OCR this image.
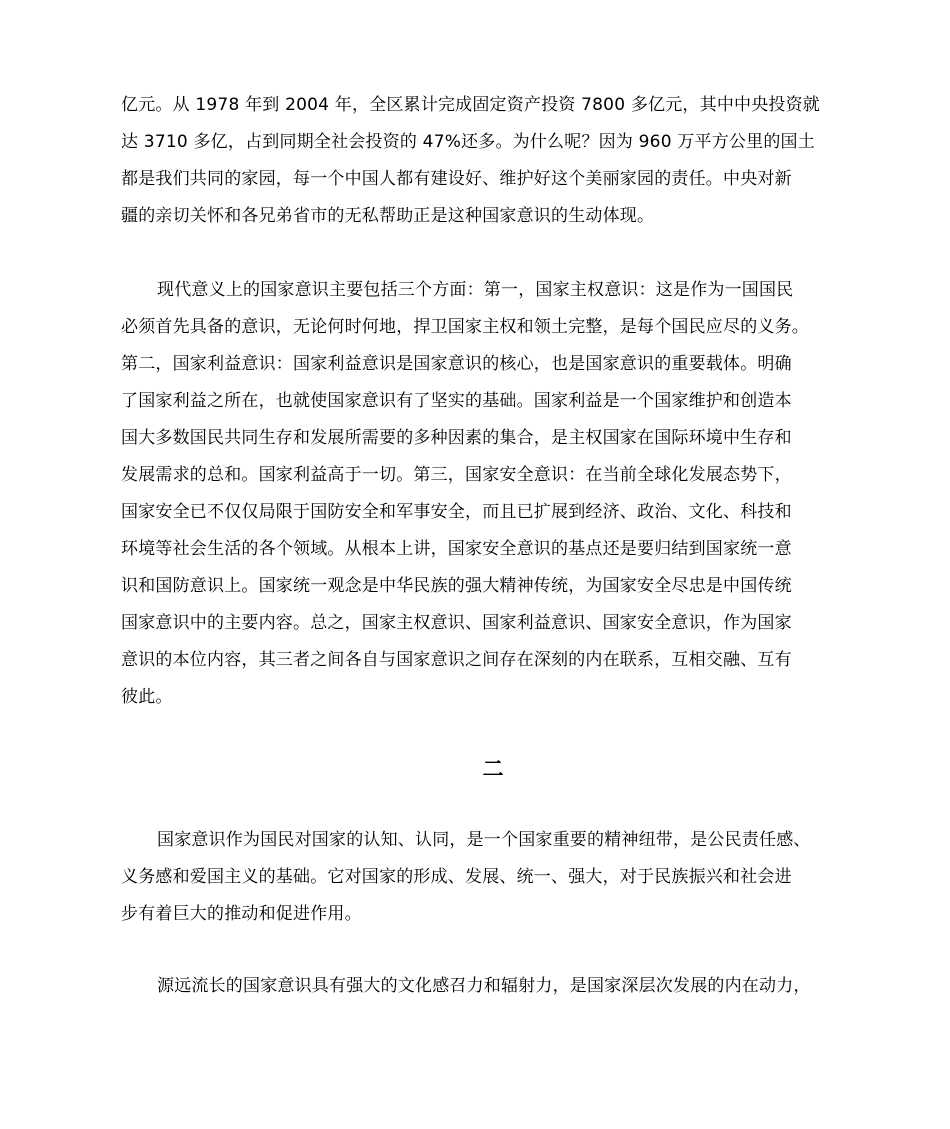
亿元。从 1978 年到 2004 年，全区累计完成固定资产投资 7800 多亿元，其中中央投资就
达 3710 多亿，占到同期全社会投资的 47%还多。为什么呢？因为 960 万平方公里的国土
都是我们共同的家园，每一个中国人都有建设好、维护好这个美丽家园的责任。中央对新
疆的亲切关怀和各兄弟省市的无私帮助正是这种国家意识的生动体现。
现代意义上的国家意识主要包括三个方面：第一，国家主权意识：这是作为一国国民
必须首先具备的意识，无论何时何地，捍卫国家主权和领土完整，是每个国民应尽的义务。
第二，国家利益意识：国家利益意识是国家意识的核心，也是国家意识的重要载体。明确
了国家利益之所在，也就使国家意识有了坚实的基础。国家利益是一个国家维护和创造本
国大多数国民共同生存和发展所需要的多种因素的集合，是主权国家在国际环境中生存和
发展需求的总和。国家利益高于一切。第三，国家安全意识：在当前全球化发展态势下，
国家安全已不仅仅局限于国防安全和军事安全，而且已扩展到经济、政治、文化、科技和
环境等社会生活的各个领域。从根本上讲，国家安全意识的基点还是要归结到国家统一意
识和国防意识上。国家统一观念是中华民族的强大精神传统，为国家安全尽忠是中国传统
国家意识中的主要内容。总之，国家主权意识、国家利益意识、国家安全意识，作为国家
意识的本位内容，其三者之间各自与国家意识之间存在深刻的内在联系，互相交融、互有
彼此。
二
国家意识作为国民对国家的认知、认同，是一个国家重要的精神纽带，是公民责任感、
义务感和爱国主义的基础。它对国家的形成、发展、统一、强大，对于民族振兴和社会进
步有着巨大的推动和促进作用。
源远流长的国家意识具有强大的文化感召力和辐射力，是国家深层次发展的内在动力，
